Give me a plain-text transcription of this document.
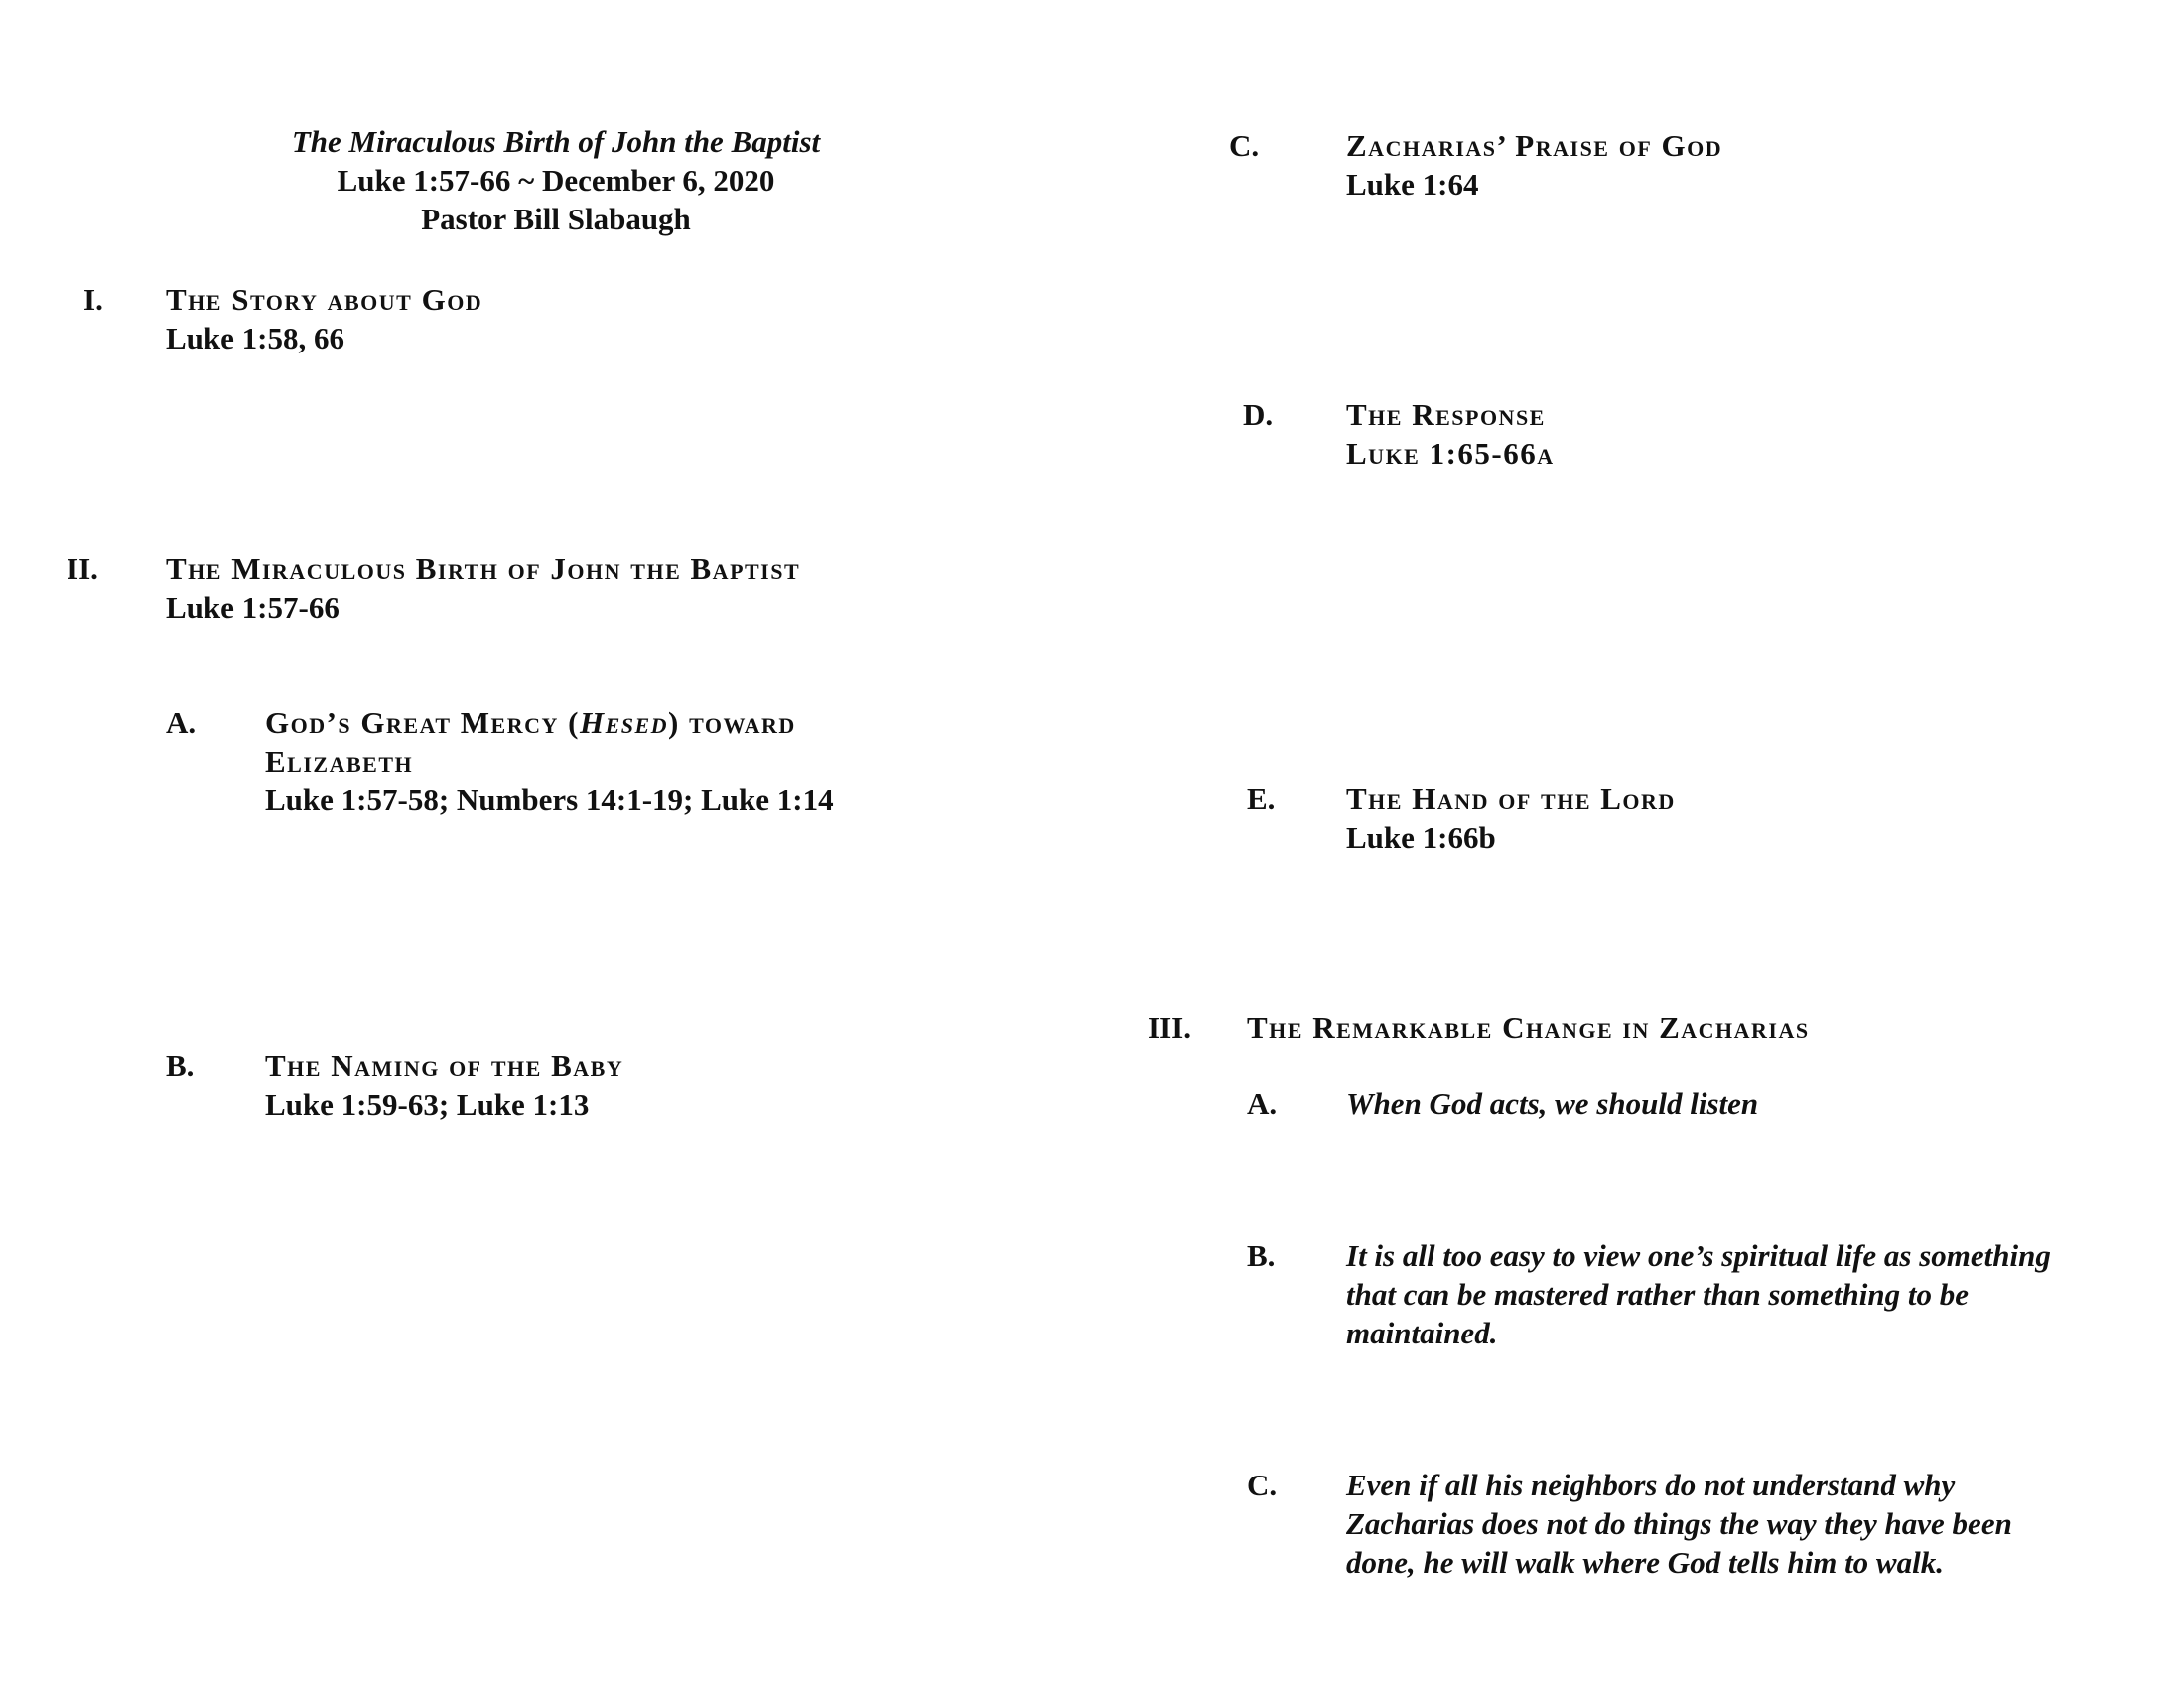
The Miraculous Birth of John the Baptist
Luke 1:57-66 ~ December 6, 2020
Pastor Bill Slabaugh
I. The Story about God
Luke 1:58, 66
II. The Miraculous Birth of John the Baptist
Luke 1:57-66
A. God’s Great Mercy (Hesed) toward
Elizabeth
Luke 1:57-58; Numbers 14:1-19; Luke 1:14
B. The Naming of the Baby
Luke 1:59-63; Luke 1:13
C.	Zacharias’ Praise of God
Luke 1:64
D. The Response
Luke 1:65-66a
E. The Hand of the Lord
Luke 1:66b
III. The Remarkable Change in Zacharias
A. When God acts, we should listen
B. It is all too easy to view one’s spiritual life as something
that can be mastered rather than something to be
maintained.
C. Even if all his neighbors do not understand why
Zacharias does not do things the way they have been
done, he will walk where God tells him to walk.
